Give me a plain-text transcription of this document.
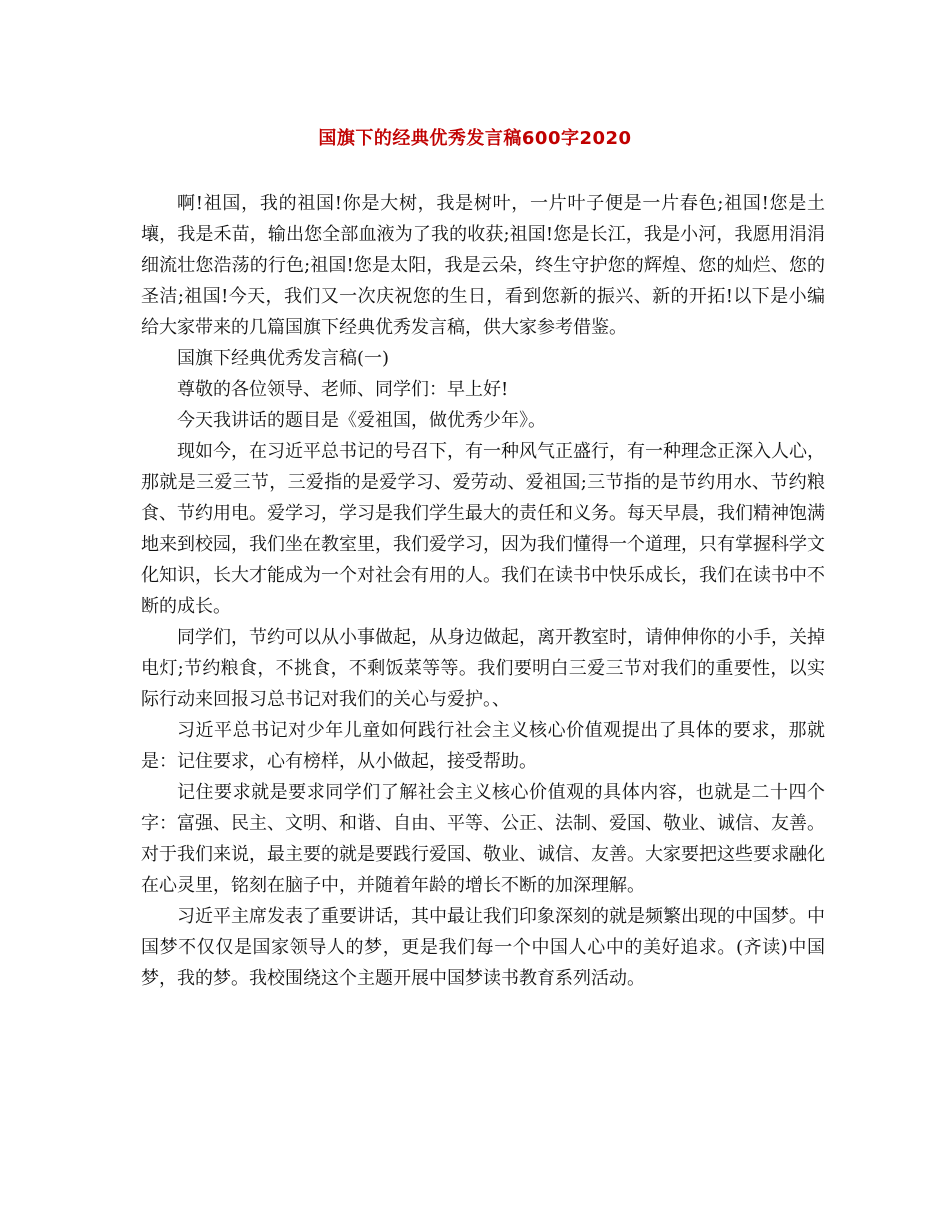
国旗下的经典优秀发言稿600字2020

啊!祖国，我的祖国!你是大树，我是树叶，一片叶子便是一片春色;祖国!您是土壤，我是禾苗，输出您全部血液为了我的收获;祖国!您是长江，我是小河，我愿用涓涓细流壮您浩荡的行色;祖国!您是太阳，我是云朵，终生守护您的辉煌、您的灿烂、您的圣洁;祖国!今天，我们又一次庆祝您的生日，看到您新的振兴、新的开拓!以下是小编给大家带来的几篇国旗下经典优秀发言稿，供大家参考借鉴。

国旗下经典优秀发言稿(一)

尊敬的各位领导、老师、同学们：早上好!

今天我讲话的题目是《爱祖国，做优秀少年》。

现如今，在习近平总书记的号召下，有一种风气正盛行，有一种理念正深入人心，那就是三爱三节，三爱指的是爱学习、爱劳动、爱祖国;三节指的是节约用水、节约粮食、节约用电。爱学习，学习是我们学生最大的责任和义务。每天早晨，我们精神饱满地来到校园，我们坐在教室里，我们爱学习，因为我们懂得一个道理，只有掌握科学文化知识，长大才能成为一个对社会有用的人。我们在读书中快乐成长，我们在读书中不断的成长。

同学们，节约可以从小事做起，从身边做起，离开教室时，请伸伸你的小手，关掉电灯;节约粮食，不挑食，不剩饭菜等等。我们要明白三爱三节对我们的重要性，以实际行动来回报习总书记对我们的关心与爱护。、

习近平总书记对少年儿童如何践行社会主义核心价值观提出了具体的要求，那就是：记住要求，心有榜样，从小做起，接受帮助。

记住要求就是要求同学们了解社会主义核心价值观的具体内容，也就是二十四个字：富强、民主、文明、和谐、自由、平等、公正、法制、爱国、敬业、诚信、友善。对于我们来说，最主要的就是要践行爱国、敬业、诚信、友善。大家要把这些要求融化在心灵里，铭刻在脑子中，并随着年龄的增长不断的加深理解。

习近平主席发表了重要讲话，其中最让我们印象深刻的就是频繁出现的中国梦。中国梦不仅仅是国家领导人的梦，更是我们每一个中国人心中的美好追求。(齐读)中国梦，我的梦。我校围绕这个主题开展中国梦读书教育系列活动。
